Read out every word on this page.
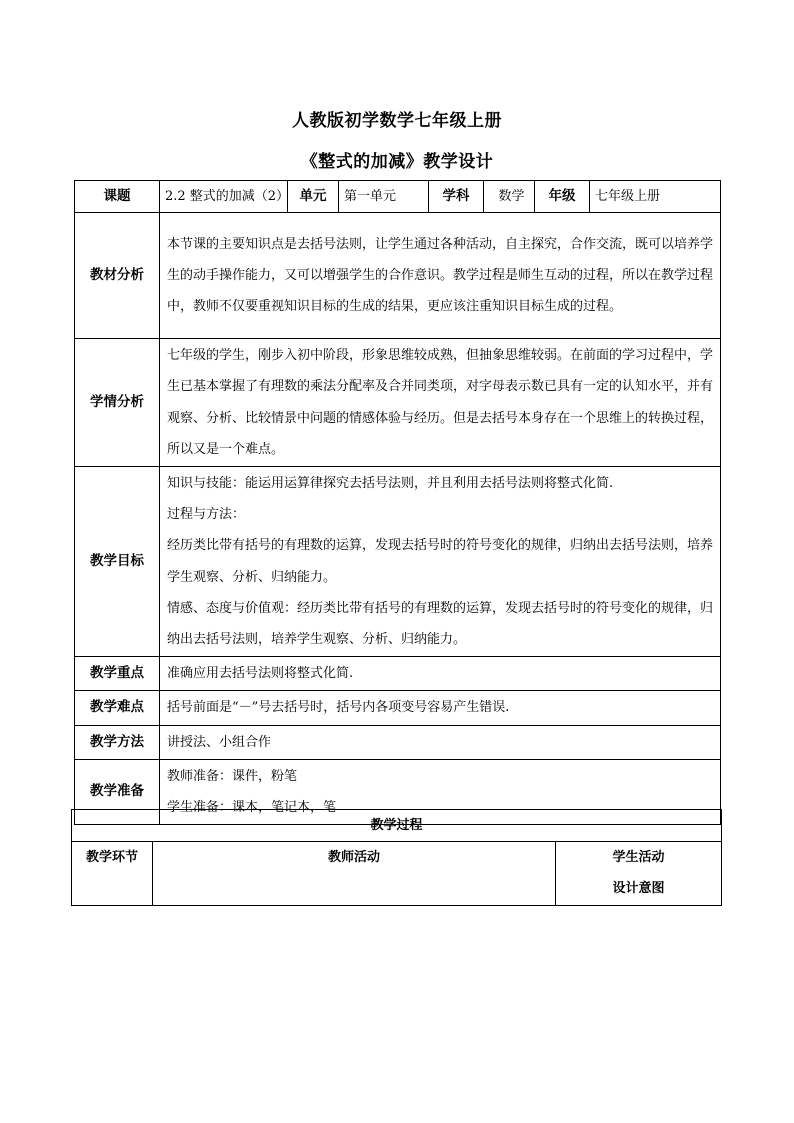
人教版初学数学七年级上册
《整式的加减》教学设计
课题	2.2 整式的加减（2）	单元	第一单元	学科	数学	年级	七年级上册
教材分析	本节课的主要知识点是去括号法则，让学生通过各种活动，自主探究，合作交流，既可以培养学生的动手操作能力，又可以增强学生的合作意识。教学过程是师生互动的过程，所以在教学过程中，教师不仅要重视知识目标的生成的结果，更应该注重知识目标生成的过程。						

学情分析	七年级的学生，刚步入初中阶段，形象思维较成熟，但抽象思维较弱。在前面的学习过程中，学生已基本掌握了有理数的乘法分配率及合并同类项，对字母表示数已具有一定的认知水平，并有观察、分析、比较情景中问题的情感体验与经历。但是去括号本身存在一个思维上的转换过程，所以又是一个难点。						

教学目标	知识与技能：能运用运算律探究去括号法则，并且利用去括号法则将整式化简.

过程与方法：

经历类比带有括号的有理数的运算，发现去括号时的符号变化的规律，归纳出去括号法则，培养学生观察、分析、归纳能力。

情感、态度与价值观：经历类比带有括号的有理数的运算，发现去括号时的符号变化的规律，归纳出去括号法则，培养学生观察、分析、归纳能力。						

教学重点	准确应用去括号法则将整式化简.						
教学难点	括号前面是“－”号去括号时，括号内各项变号容易产生错误.						
教学方法	讲授法、小组合作						
教学准备	教师准备：课件，粉笔

学生准备：课本，笔记本，笔						

教学过程
教学环节	教师活动	学生活动
设计意图
